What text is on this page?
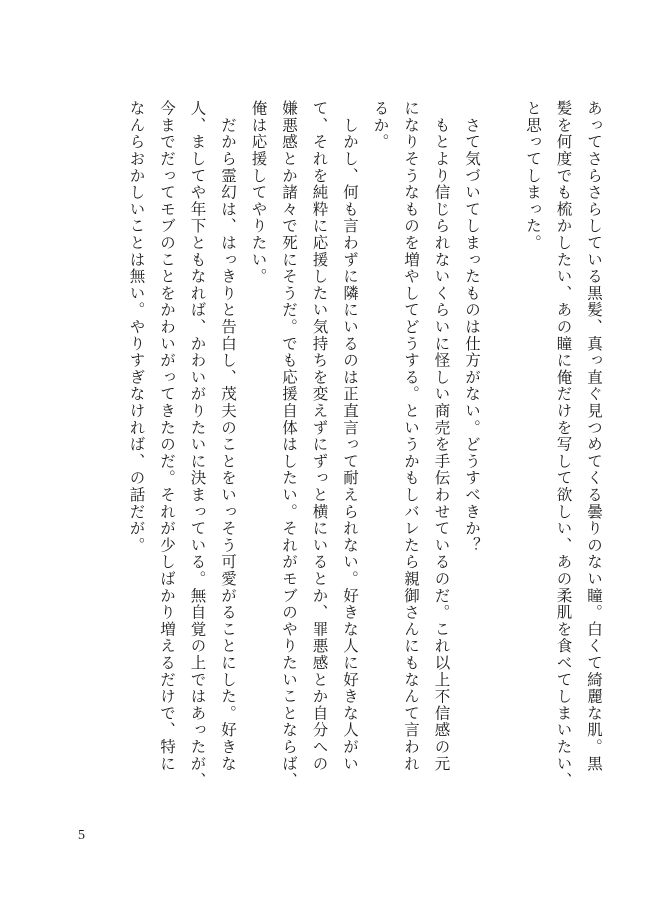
あってさらさらしている黒髪、真っ直ぐ見つめてくる曇りのない瞳。白くて綺麗な肌。黒

髪を何度でも梳かしたい、あの瞳に俺だけを写して欲しい、あの柔肌を食べてしまいたい、

と思ってしまった。

　さて気づいてしまったものは仕方がない。どうすべきか？

　もとより信じられないくらいに怪しい商売を手伝わせているのだ。これ以上不信感の元

になりそうなものを増やしてどうする。というかもしバレたら親御さんにもなんて言われ

るか。

　しかし、何も言わずに隣にいるのは正直言って耐えられない。好きな人に好きな人がい

て、それを純粋に応援したい気持ちを変えずにずっと横にいるとか、罪悪感とか自分への

嫌悪感とか諸々で死にそうだ。でも応援自体はしたい。それがモブのやりたいことならば、

俺は応援してやりたい。

　だから霊幻は、はっきりと告白し、茂夫のことをいっそう可愛がることにした。好きな

人、ましてや年下ともなれば、かわいがりたいに決まっている。無自覚の上ではあったが、

今までだってモブのことをかわいがってきたのだ。それが少しばかり増えるだけで、特に

なんらおかしいことは無い。やりすぎなければ、の話だが。

5
